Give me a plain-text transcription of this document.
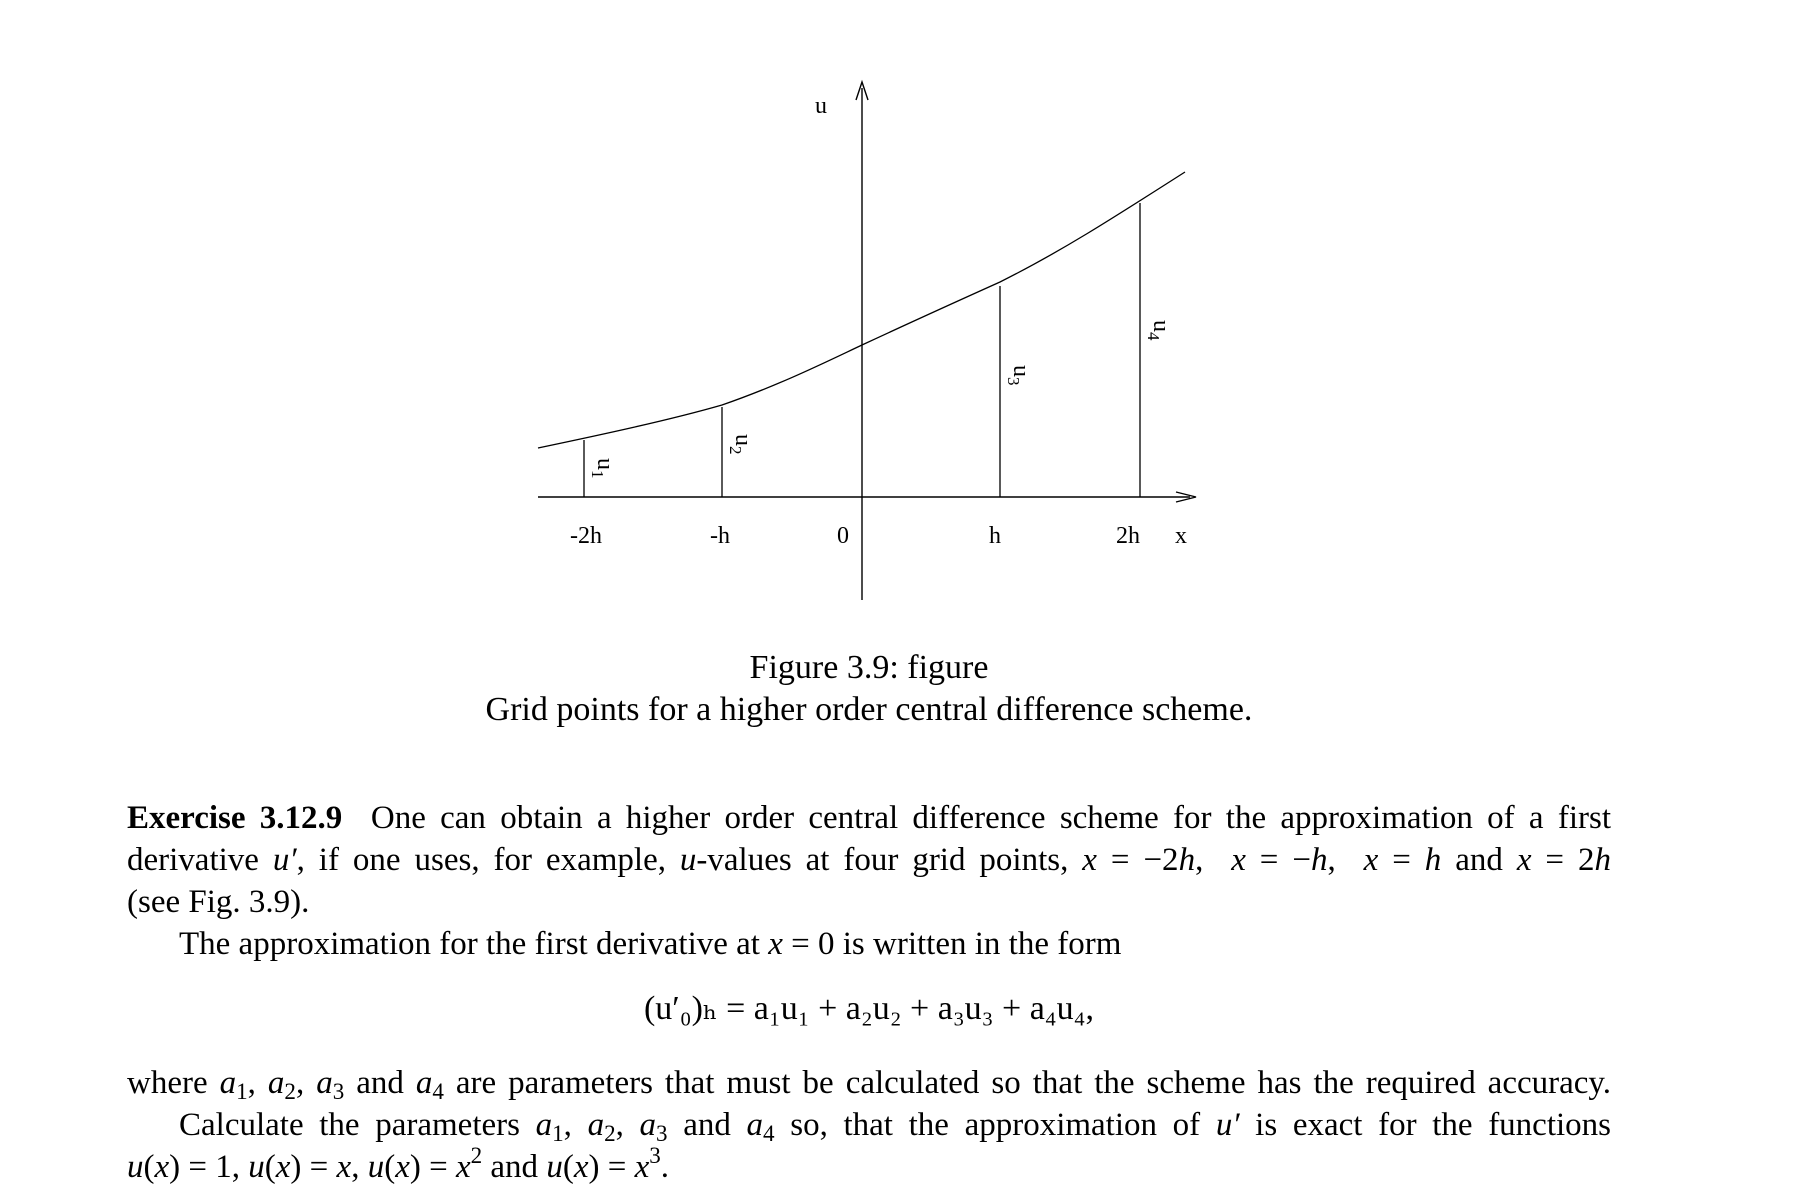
u
x
-2h	-h	0	h	2h
$u_1$
$u_2$
$u_3$
$u_4$
Figure 3.9: figure
Grid points for a higher order central difference scheme.
Exercise 3.12.9 One can obtain a higher order central difference scheme for the approximation of a first
derivative u′, if one uses, for example, u-values at four grid points, x = −2h,  x = −h,  x = h and x = 2h
(see Fig. 3.9).
The approximation for the first derivative at x = 0 is written in the form
(u′₀)ₕ = a₁u₁ + a₂u₂ + a₃u₃ + a₄u₄,
where $a_1$, $a_2$, $a_3$ and $a_4$ are parameters that must be calculated so that the scheme has the required accuracy.
Calculate the parameters $a_1$, $a_2$, $a_3$ and $a_4$ so, that the approximation of u′ is exact for the functions
u(x) = 1, u(x) = x, $u(x) = x^2$ and $u(x) = x^3$.
